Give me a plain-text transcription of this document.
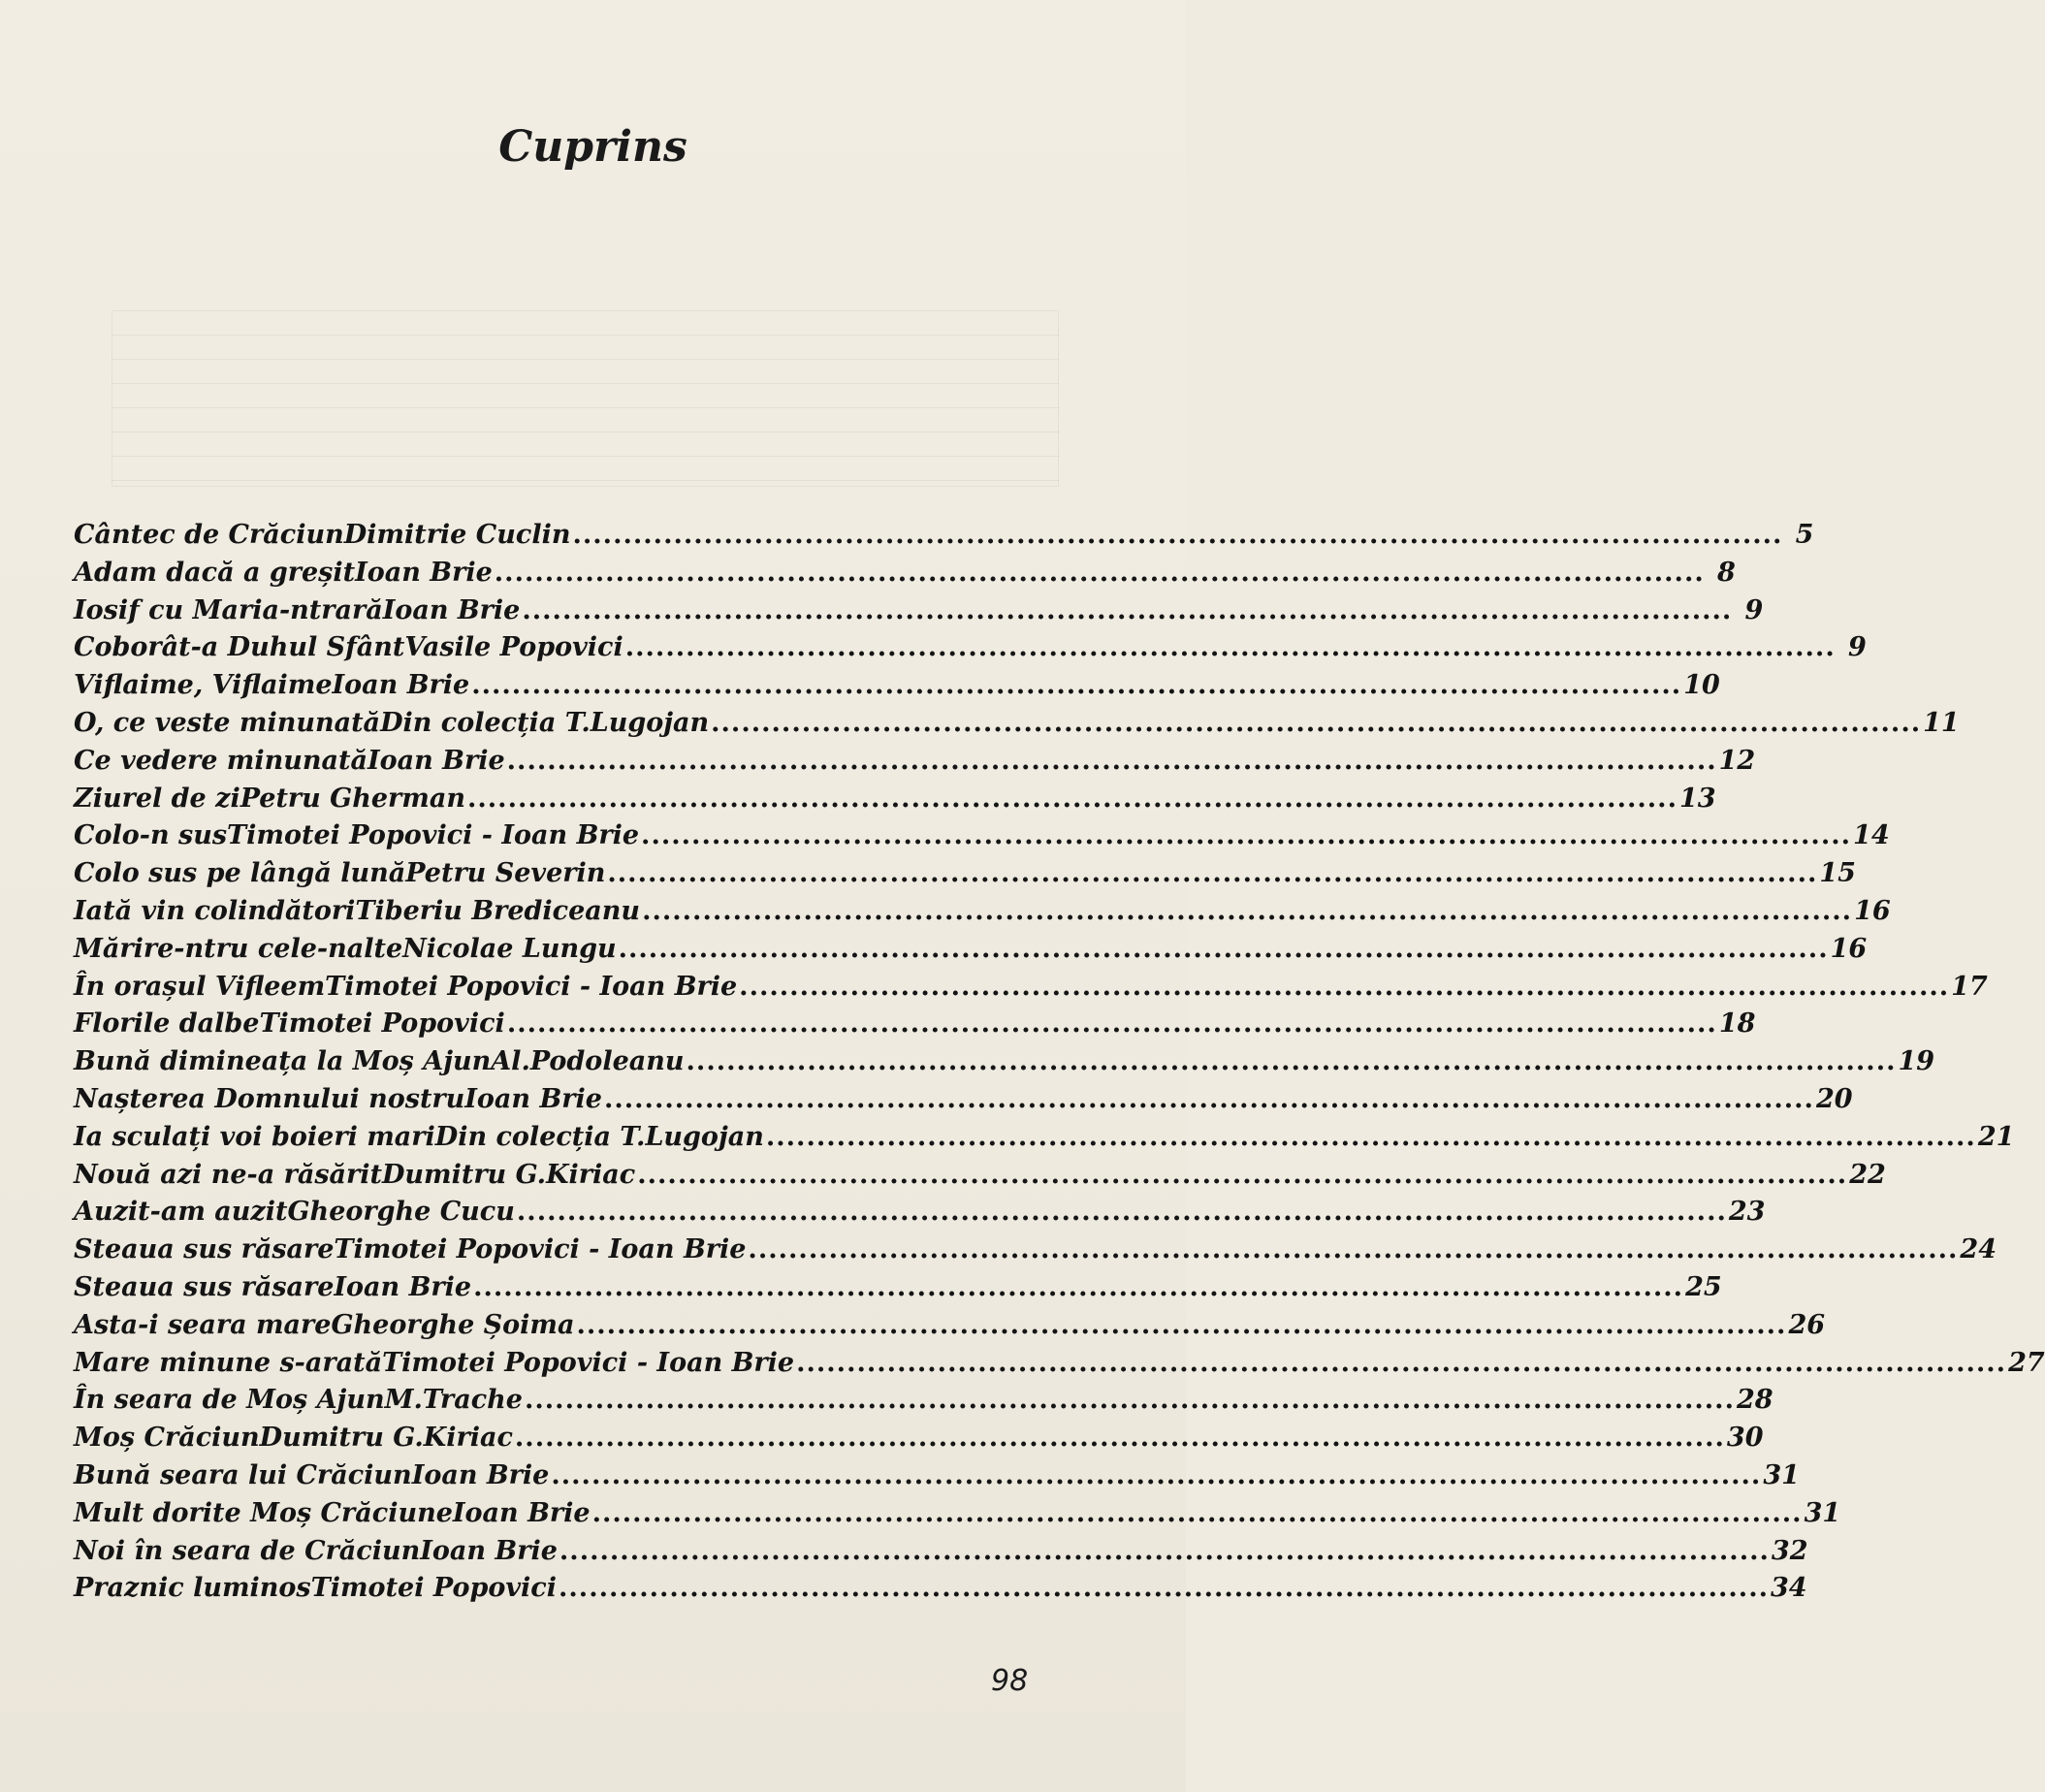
Cuprins
Cântec de Crăciun Dimitrie Cuclin .....	5
Adam dacă a greșit Ioan Brie .....	8
Iosif cu Maria-ntrară Ioan Brie .....	9
Coborât-a Duhul Sfânt Vasile Popovici .....	9
Viflaime, Viflaime Ioan Brie .....	10
O, ce veste minunată Din colecția T.Lugojan .....	11
Ce vedere minunată Ioan Brie .....	12
Ziurel de zi Petru Gherman .....	13
Colo-n sus Timotei Popovici - Ioan Brie .....	14
Colo sus pe lângă lună Petru Severin .....	15
Iată vin colindători Tiberiu Brediceanu .....	16
Mărire-ntru cele-nalte Nicolae Lungu .....	16
În orașul Vifleem Timotei Popovici - Ioan Brie .....	17
Florile dalbe Timotei Popovici .....	18
Bună dimineața la Moș Ajun Al.Podoleanu .....	19
Nașterea Domnului nostru Ioan Brie .....	20
Ia sculați voi boieri mari Din colecția T.Lugojan .....	21
Nouă azi ne-a răsărit Dumitru G.Kiriac .....	22
Auzit-am auzit Gheorghe Cucu .....	23
Steaua sus răsare Timotei Popovici - Ioan Brie .....	24
Steaua sus răsare Ioan Brie .....	25
Asta-i seara mare Gheorghe Șoima .....	26
Mare minune s-arată Timotei Popovici - Ioan Brie .....	27
În seara de Moș Ajun M.Trache .....	28
Moș Crăciun Dumitru G.Kiriac .....	30
Bună seara lui Crăciun Ioan Brie .....	31
Mult dorite Moș Crăciune Ioan Brie .....	31
Noi în seara de Crăciun Ioan Brie .....	32
Praznic luminos Timotei Popovici .....	34
98
